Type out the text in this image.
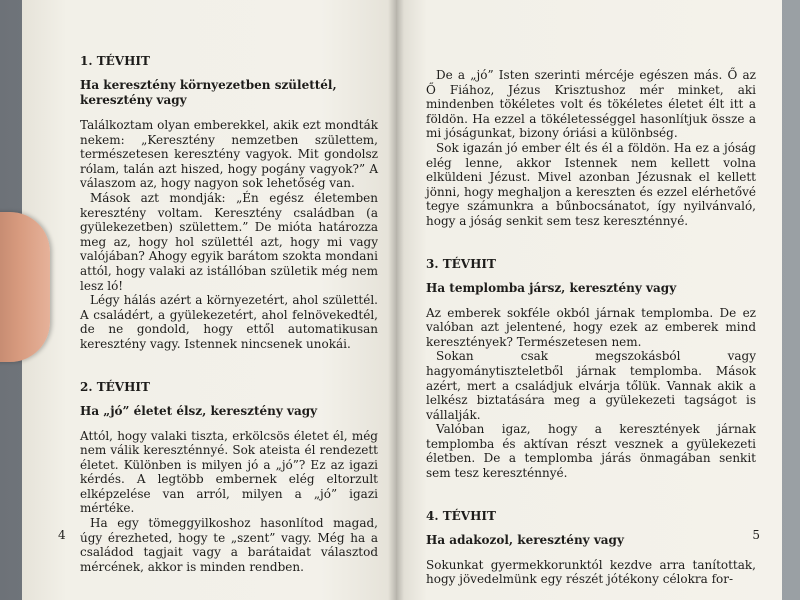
1. TÉVHIT
Ha keresztény környezetben születtél, keresztény vagy

Találkoztam olyan emberekkel, akik ezt mondták nekem: „Keresztény nemzetben születtem, természetesen keresztény vagyok. Mit gondolsz rólam, talán azt hiszed, hogy pogány vagyok?” A válaszom az, hogy nagyon sok lehetőség van.

Mások azt mondják: „Én egész életemben keresztény voltam. Keresztény családban (a gyülekezetben) születtem.” De mióta határozza meg az, hogy hol születtél azt, hogy mi vagy valójában? Ahogy egyik barátom szokta mondani attól, hogy valaki az istállóban születik még nem lesz ló!

Légy hálás azért a környezetért, ahol születtél. A családért, a gyülekezetért, ahol felnövekedtél, de ne gondold, hogy ettől automatikusan keresztény vagy. Istennek nincsenek unokái.

2. TÉVHIT
Ha „jó” életet élsz, keresztény vagy

Attól, hogy valaki tiszta, erkölcsös életet él, még nem válik kereszténnyé. Sok ateista él rendezett életet. Különben is milyen jó a „jó”? Ez az igazi kérdés. A legtöbb embernek elég eltorzult elképzelése van arról, milyen a „jó” igazi mértéke.

Ha egy tömeggyilkoshoz hasonlítod magad, úgy érezheted, hogy te „szent” vagy. Még ha a családod tagjait vagy a barátaidat választod mércének, akkor is minden rendben.

4

De a „jó” Isten szerinti mércéje egészen más. Ő az Ő Fiához, Jézus Krisztushoz mér minket, aki mindenben tökéletes volt és tökéletes életet élt itt a földön. Ha ezzel a tökéletességgel hasonlítjuk össze a mi jóságunkat, bizony óriási a különbség.

Sok igazán jó ember élt és él a földön. Ha ez a jóság elég lenne, akkor Istennek nem kellett volna elküldeni Jézust. Mivel azonban Jézusnak el kellett jönni, hogy meghaljon a kereszten és ezzel elérhetővé tegye számunkra a bűnbocsánatot, így nyilvánvaló, hogy a jóság senkit sem tesz kereszténnyé.

3. TÉVHIT
Ha templomba jársz, keresztény vagy

Az emberek sokféle okból járnak templomba. De ez valóban azt jelentené, hogy ezek az emberek mind keresztények? Természetesen nem.

Sokan csak megszokásból vagy hagyománytiszteletből járnak templomba. Mások azért, mert a családjuk elvárja tőlük. Vannak akik a lelkész biztatására meg a gyülekezeti tagságot is vállalják.

Valóban igaz, hogy a keresztények járnak templomba és aktívan részt vesznek a gyülekezeti életben. De a templomba járás önmagában senkit sem tesz kereszténnyé.

4. TÉVHIT
Ha adakozol, keresztény vagy

Sokunkat gyermekkorunktól kezdve arra tanítottak, hogy jövedelmünk egy részét jótékony célokra for-

5
